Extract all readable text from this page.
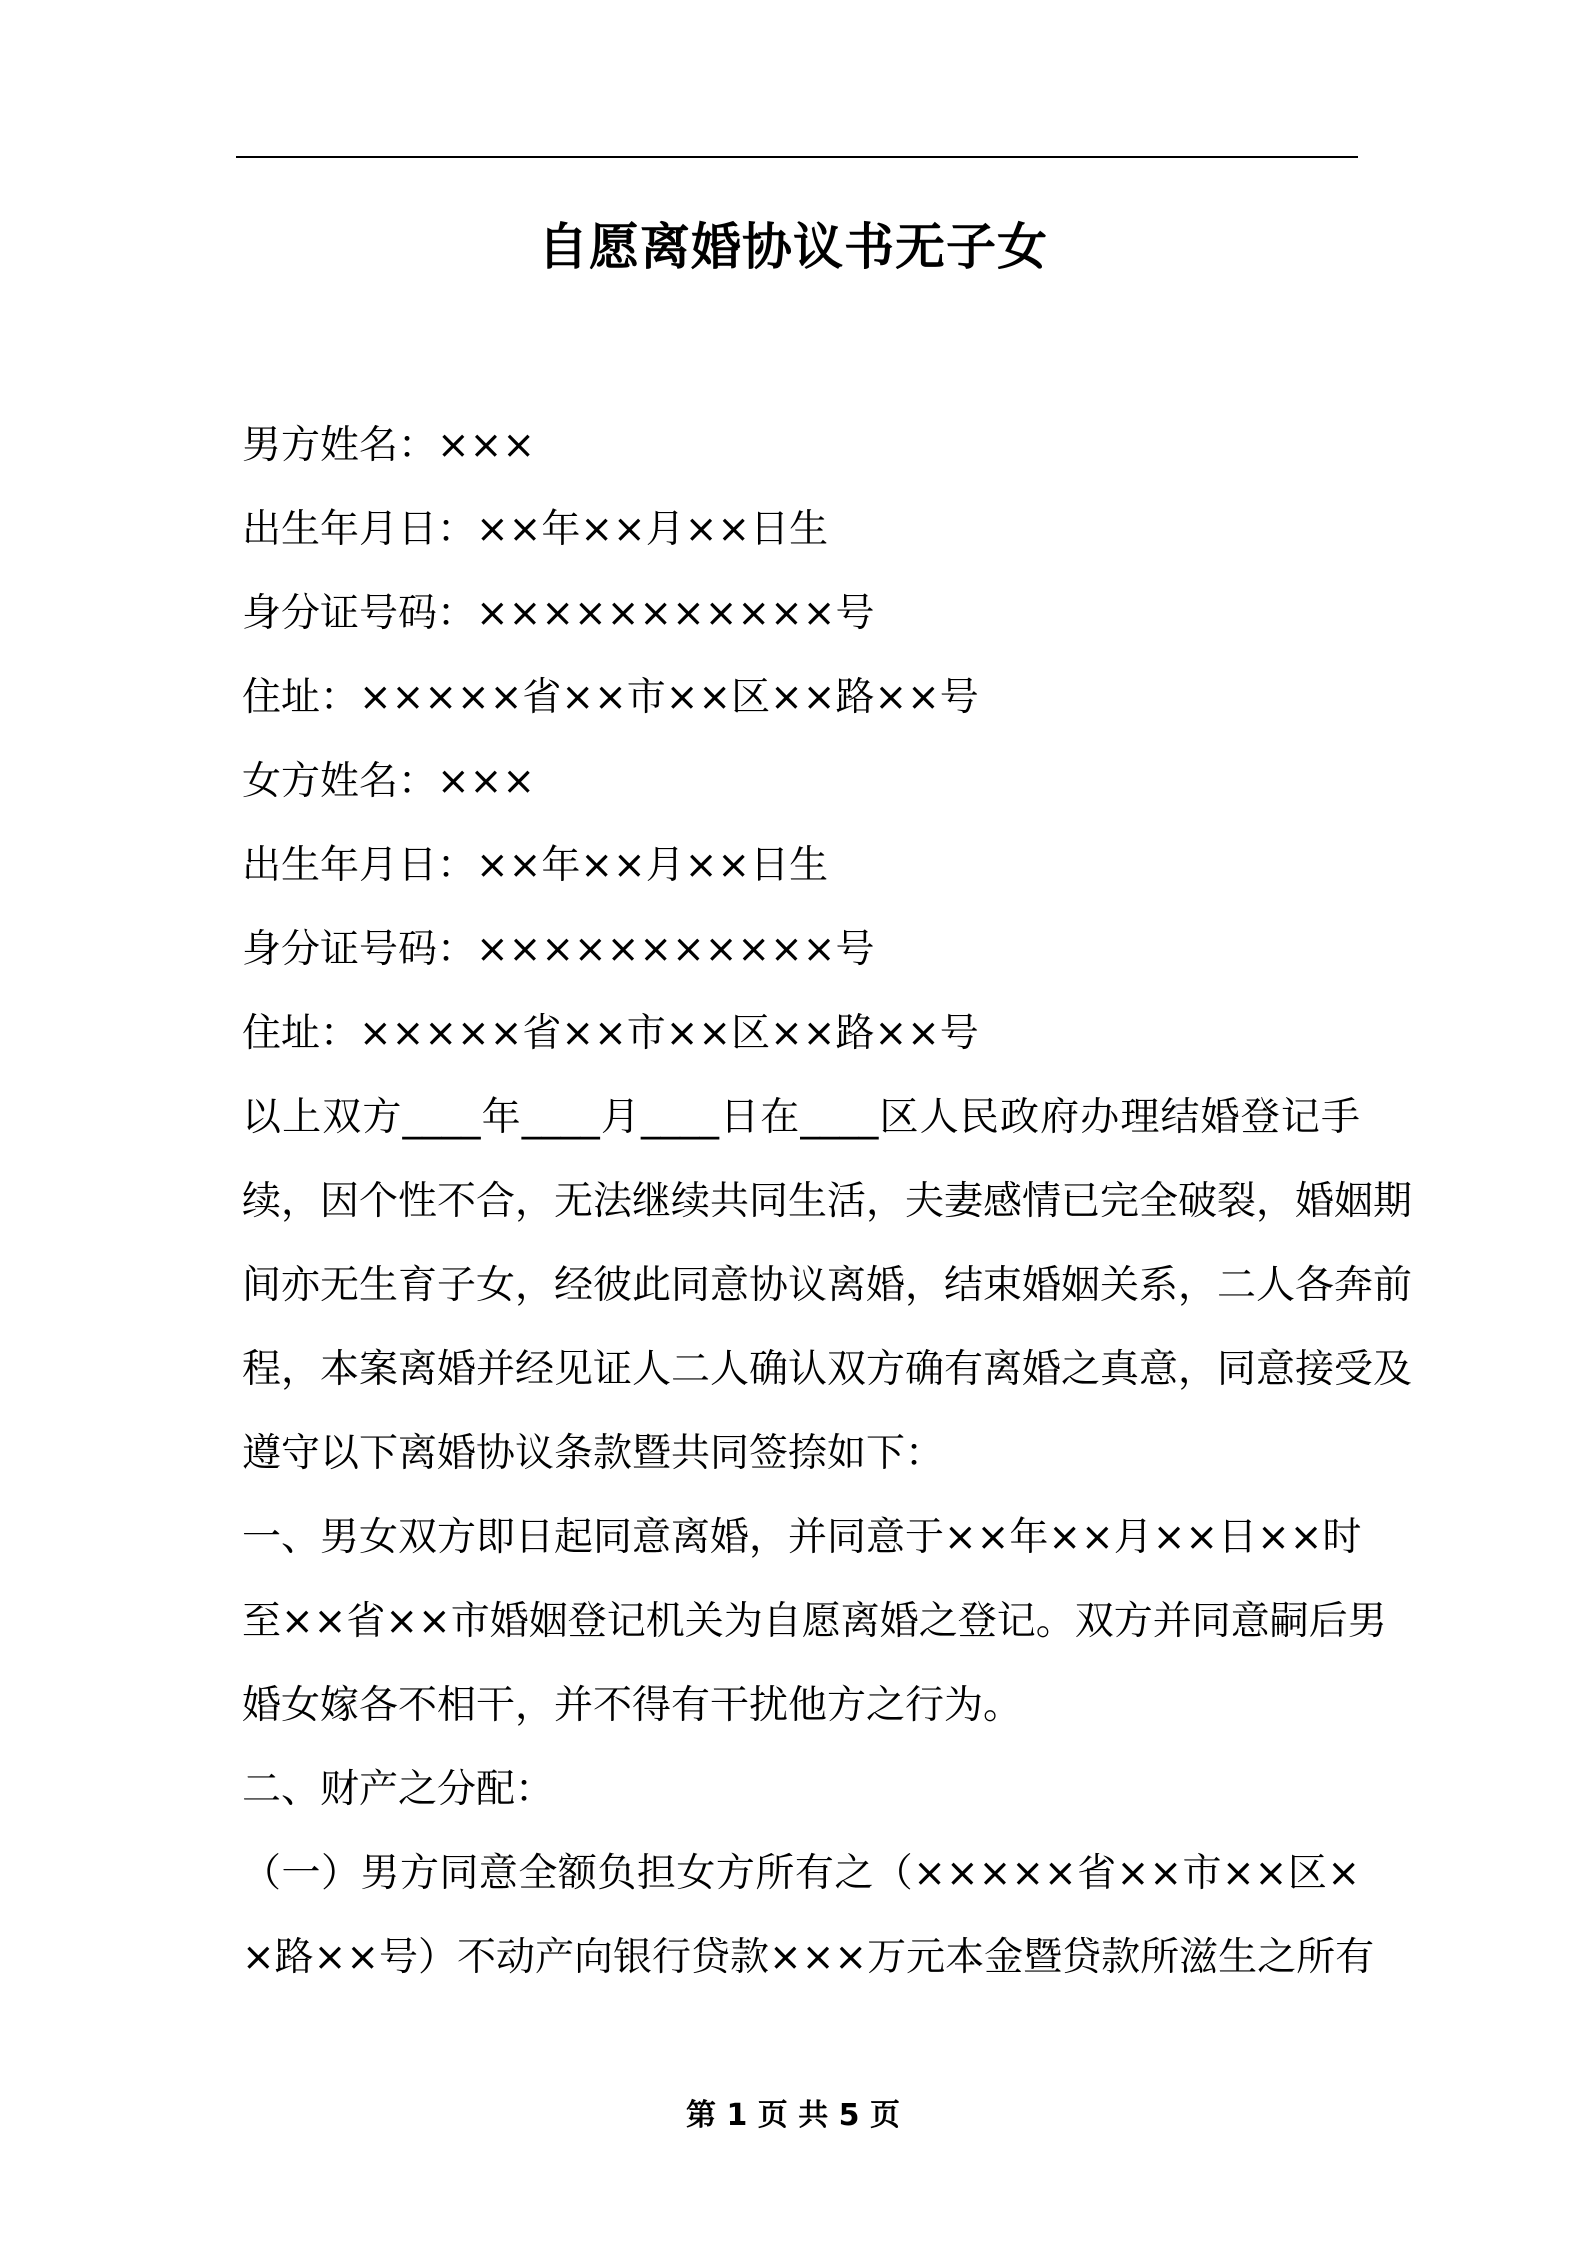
自愿离婚协议书无子女

男方姓名：×××

出生年月日：××年××月××日生

身分证号码：×××××××××××号

住址：×××××省××市××区××路××号

女方姓名：×××

出生年月日：××年××月××日生

身分证号码：×××××××××××号

住址：×××××省××市××区××路××号

以上双方____年____月____日在____区人民政府办理结婚登记手

续，因个性不合，无法继续共同生活，夫妻感情已完全破裂，婚姻期

间亦无生育子女，经彼此同意协议离婚，结束婚姻关系，二人各奔前

程，本案离婚并经见证人二人确认双方确有离婚之真意，同意接受及

遵守以下离婚协议条款暨共同签捺如下：

一、男女双方即日起同意离婚，并同意于××年××月××日××时

至××省××市婚姻登记机关为自愿离婚之登记。双方并同意嗣后男

婚女嫁各不相干，并不得有干扰他方之行为。

二、财产之分配：

（一）男方同意全额负担女方所有之（×××××省××市××区×

×路××号）不动产向银行贷款×××万元本金暨贷款所滋生之所有

第 1 页 共 5 页
